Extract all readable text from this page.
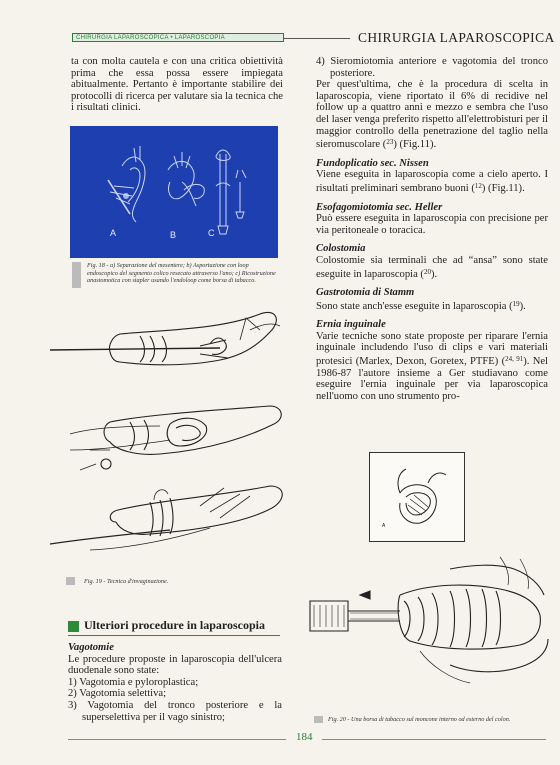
CHIRURGIA LAPAROSCOPICA • LAPAROSCOPIA	CHIRURGIA LAPAROSCOPICA

ta con molta cautela e con una critica obiettività prima che essa possa essere impiegata abitualmente. Pertanto è importante stabilire dei protocolli di ricerca per valutare sia la tecnica che i risultati clinici.

A	B	C
Fig. 18 - a) Separazione del mesentere; b) Asportazione con loop endoscopico del segmento colico resecato attraverso l'ano; c) Ricostruzione anastomotica con stapler usando l'endoloop come borsa di tabacco.
Fig. 19 - Tecnica d'invaginazione.
Ulteriori procedure in laparoscopia

Vagotomie

Le procedure proposte in laparoscopia dell'ulcera duodenale sono state:

1) Vagotomia e pyloroplastica;

2) Vagotomia selettiva;

3) Vagotomia del tronco posteriore e la superselettiva per il vago sinistro;

4) Sieromiotomia anteriore e vagotomia del tronco posteriore.

Per quest'ultima, che è la procedura di scelta in laparoscopia, viene riportato il 6% di recidive nel follow up a quattro anni e mezzo e sembra che l'uso del laser venga preferito rispetto all'elettrobisturi per il maggior controllo della penetrazione del taglio nella sieromuscolare ($^{23}$) (Fig.11).

Fundoplicatio sec. Nissen

Viene eseguita in laparoscopia come a cielo aperto. I risultati preliminari sembrano buoni ($^{12}$) (Fig.11).

Esofagomiotomia sec. Heller

Può essere eseguita in laparoscopia con precisione per via peritoneale o toracica.

Colostomia

Colostomie sia terminali che ad “ansa” sono state eseguite in laparoscopia ($^{20}$).

Gastrotomia di Stamm

Sono state anch'esse eseguite in laparoscopia ($^{19}$).

Ernia inguinale

Varie tecniche sono state proposte per riparare l'ernia inguinale includendo l'uso di clips e vari materiali protesici (Marlex, Dexon, Goretex, PTFE) ($^{24, 91}$). Nel 1986-87 l'autore insieme a Ger studiavano come eseguire l'ernia inguinale per via laparoscopica nell'uomo con uno strumento pro-

A
Fig. 20 - Una borsa di tabacco sul moncone interno od esterno del colon.
184
